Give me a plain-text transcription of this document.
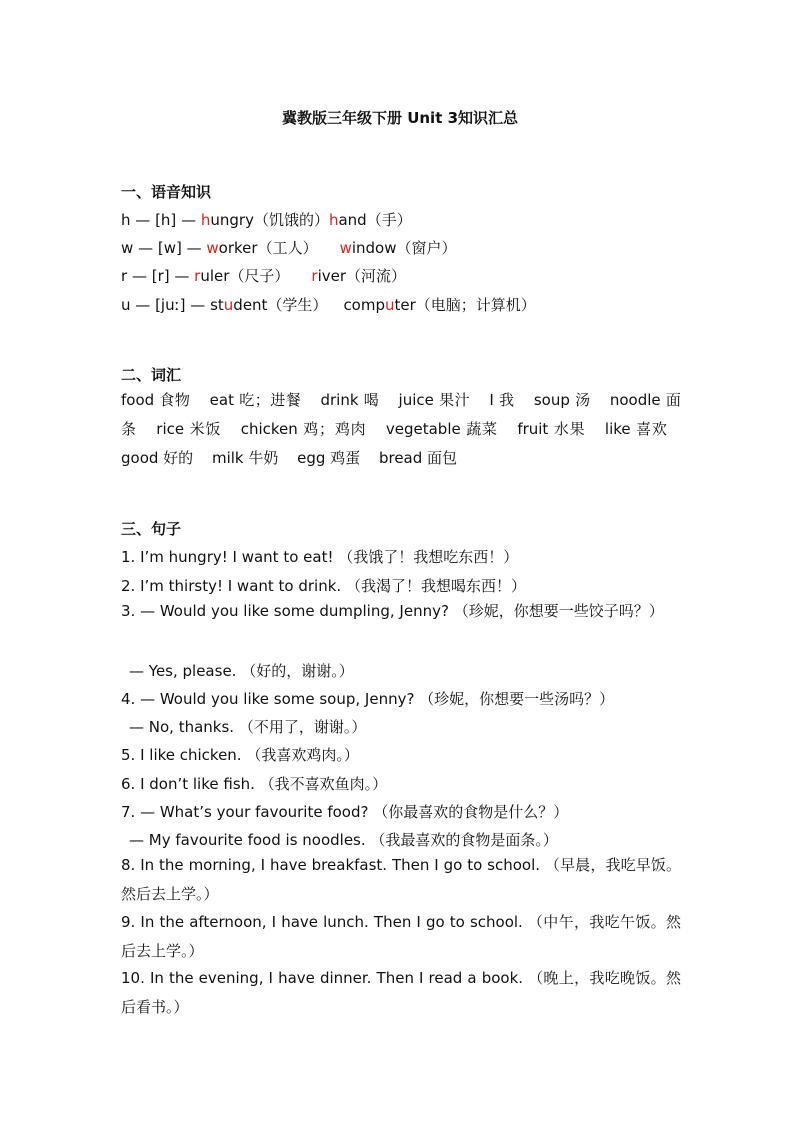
冀教版三年级下册 Unit 3知识汇总
一、语音知识
h — [h] — hungry（饥饿的）hand（手）
w — [w] — worker（工人） window（窗户）
r — [r] — ruler（尺子） river（河流）
u — [juː] — student（学生） computer（电脑；计算机）
二、词汇
food 食物 eat 吃；进餐 drink 喝 juice 果汁 I 我 soup 汤 noodle 面条 rice 米饭 chicken 鸡；鸡肉 vegetable 蔬菜 fruit 水果 like 喜欢 good 好的 milk 牛奶 egg 鸡蛋 bread 面包
三、句子
1. I’m hungry! I want to eat! （我饿了！我想吃东西！）
2. I’m thirsty! I want to drink. （我渴了！我想喝东西！）
3. — Would you like some dumpling, Jenny? （珍妮，你想要一些饺子吗？）
— Yes, please. （好的，谢谢。）
4. — Would you like some soup, Jenny? （珍妮，你想要一些汤吗？）
— No, thanks. （不用了，谢谢。）
5. I like chicken. （我喜欢鸡肉。）
6. I don’t like fish. （我不喜欢鱼肉。）
7. — What’s your favourite food? （你最喜欢的食物是什么？）
— My favourite food is noodles. （我最喜欢的食物是面条。）
8. In the morning, I have breakfast. Then I go to school. （早晨，我吃早饭。然后去上学。）
9. In the afternoon, I have lunch. Then I go to school. （中午，我吃午饭。然后去上学。）
10. In the evening, I have dinner. Then I read a book. （晚上，我吃晚饭。然后看书。）
